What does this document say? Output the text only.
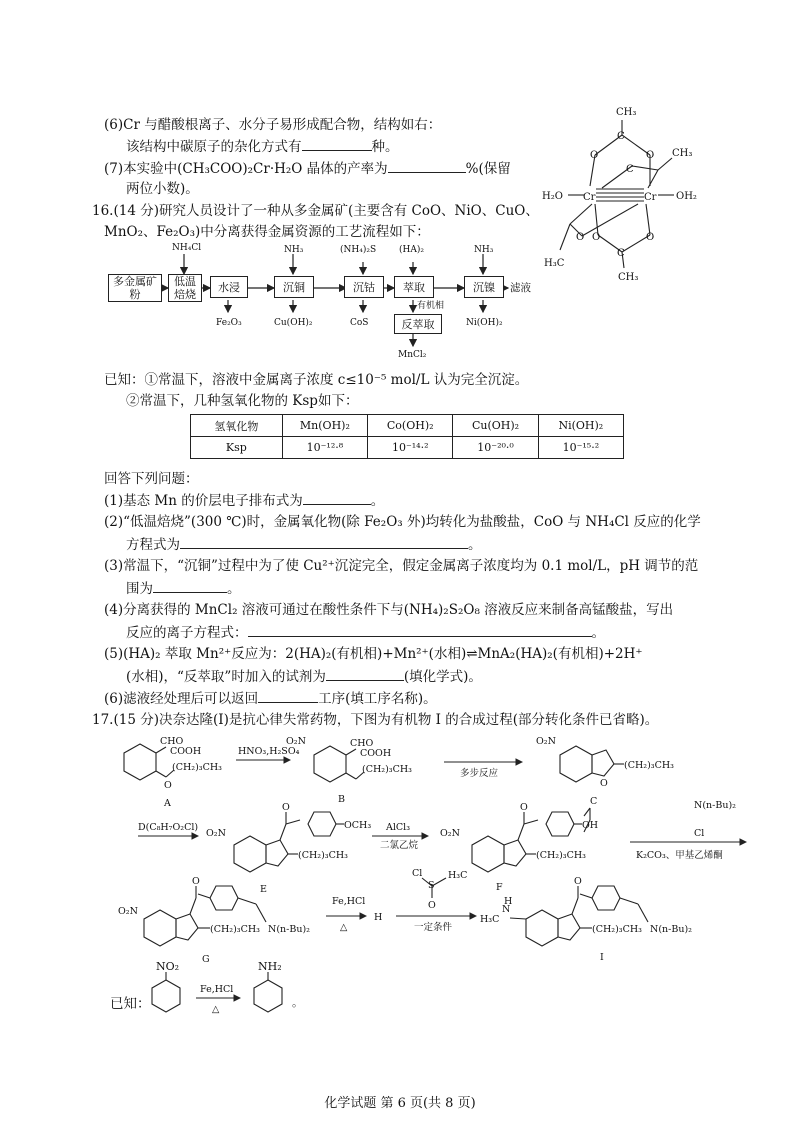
(6)Cr 与醋酸根离子、水分子易形成配合物，结构如右：
该结构中碳原子的杂化方式有	种。
(7)本实验中(CH₃COO)₂Cr·H₂O 晶体的产率为	%(保留
两位小数)。
CH₃
CH₃
H₃C
CH₃
H₂O	OH₂
Cr	Cr
O	O
C
C
O O	O
C
16.(14 分)研究人员设计了一种从多金属矿(主要含有 CoO、NiO、CuO、
MnO₂、Fe₂O₃)中分离获得金属资源的工艺流程如下：
多金属矿粉
低温焙烧
水浸	沉铜	沉钴	萃取	沉镍	滤液
反萃取
NH₄Cl	NH₃	(NH₄)₂S	(HA)₂	NH₃
Fe₂O₃	Cu(OH)₂	CoS
有机相
Ni(OH)₂
MnCl₂
已知：①常温下，溶液中金属离子浓度 c≤10⁻⁵ mol/L 认为完全沉淀。
②常温下，几种氢氧化物的 Ksp如下：
氢氧化物	Mn(OH)₂	Co(OH)₂	Cu(OH)₂	Ni(OH)₂
Ksp	10⁻¹²·⁸	10⁻¹⁴·²	10⁻²⁰·⁰	10⁻¹⁵·²
回答下列问题：
(1)基态 Mn 的价层电子排布式为	。
(2)“低温焙烧”(300 ℃)时，金属氧化物(除 Fe₂O₃ 外)均转化为盐酸盐，CoO 与 NH₄Cl 反应的化学
方程式为	。
(3)常温下，“沉铜”过程中为了使 Cu²⁺沉淀完全，假定金属离子浓度均为 0.1 mol/L，pH 调节的范
围为	。
(4)分离获得的 MnCl₂ 溶液可通过在酸性条件下与(NH₄)₂S₂O₈ 溶液反应来制备高锰酸盐，写出
反应的离子方程式：	。
(5)(HA)₂ 萃取 Mn²⁺反应为：2(HA)₂(有机相)+Mn²⁺(水相)⇌MnA₂(HA)₂(有机相)+2H⁺
(水相)，“反萃取”时加入的试剂为	(填化学式)。
(6)滤液经处理后可以返回	工序(填工序名称)。
17.(15 分)决奈达隆(I)是抗心律失常药物，下图为有机物 I 的合成过程(部分转化条件已省略)。
CHO
COOH
(CH₂)₃CH₃
O
O₂N	CHO
COOH
(CH₂)₃CH₃
HNO₃,H₂SO₄
多步反应
O₂N
(CH₂)₃CH₃
O
A	B	C
D(C₈H₇O₂Cl)
O₂N
O
OCH₃
(CH₂)₃CH₃
E
AlCl₃
二氯乙烷
O₂N
O
OH
(CH₂)₃CH₃
F
N(n-Bu)₂
Cl
K₂CO₃、甲基乙烯酮
O₂N
O
(CH₂)₃CH₃ N(n-Bu)₂
G
Fe,HCl
△
H
Cl
S
H₃C
O
一定条件
H₃C
N
H
O
(CH₂)₃CH₃ N(n-Bu)₂
I
已知：
NO₂	NH₂
Fe,HCl
△
。
化学试题 第 6 页(共 8 页)
